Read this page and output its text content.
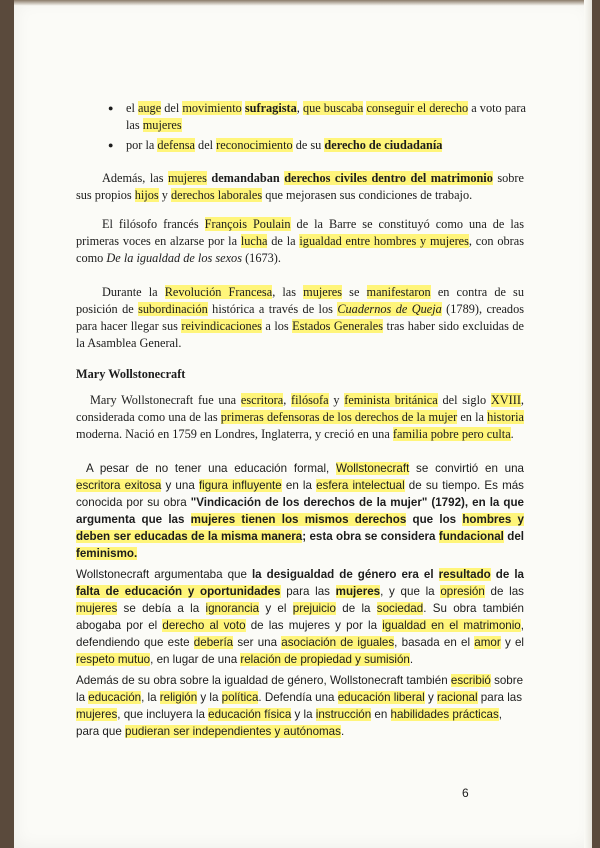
● el auge del movimiento sufragista, que buscaba conseguir el derecho a voto para las mujeres
● por la defensa del reconocimiento de su derecho de ciudadanía
Además, las mujeres demandaban derechos civiles dentro del matrimonio sobre sus propios hijos y derechos laborales que mejorasen sus condiciones de trabajo.
El filósofo francés François Poulain de la Barre se constituyó como una de las primeras voces en alzarse por la lucha de la igualdad entre hombres y mujeres, con obras como De la igualdad de los sexos (1673).
Durante la Revolución Francesa, las mujeres se manifestaron en contra de su posición de subordinación histórica a través de los Cuadernos de Queja (1789), creados para hacer llegar sus reivindicaciones a los Estados Generales tras haber sido excluidas de la Asamblea General.
Mary Wollstonecraft
Mary Wollstonecraft fue una escritora, filósofa y feminista británica del siglo XVIII, considerada como una de las primeras defensoras de los derechos de la mujer en la historia moderna. Nació en 1759 en Londres, Inglaterra, y creció en una familia pobre pero culta.
A pesar de no tener una educación formal, Wollstonecraft se convirtió en una escritora exitosa y una figura influyente en la esfera intelectual de su tiempo. Es más conocida por su obra "Vindicación de los derechos de la mujer" (1792), en la que argumenta que las mujeres tienen los mismos derechos que los hombres y deben ser educadas de la misma manera; esta obra se considera fundacional del feminismo.
Wollstonecraft argumentaba que la desigualdad de género era el resultado de la falta de educación y oportunidades para las mujeres, y que la opresión de las mujeres se debía a la ignorancia y el prejuicio de la sociedad. Su obra también abogaba por el derecho al voto de las mujeres y por la igualdad en el matrimonio, defendiendo que este debería ser una asociación de iguales, basada en el amor y el respeto mutuo, en lugar de una relación de propiedad y sumisión.
Además de su obra sobre la igualdad de género, Wollstonecraft también escribió sobre la educación, la religión y la política. Defendía una educación liberal y racional para las mujeres, que incluyera la educación física y la instrucción en habilidades prácticas, para que pudieran ser independientes y autónomas.
6
